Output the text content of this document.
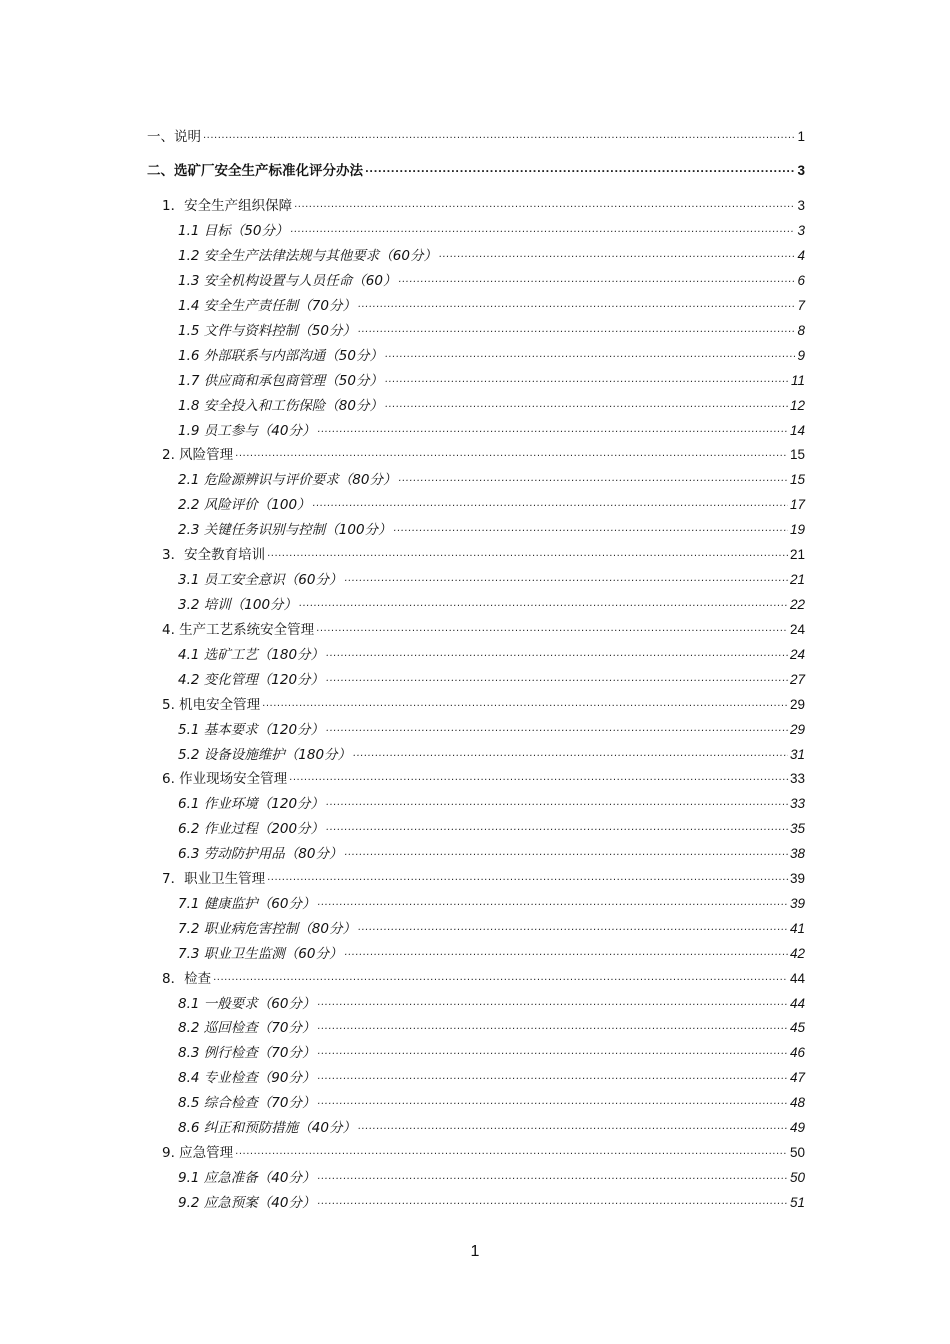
一、说明 .....	1
二、选矿厂安全生产标准化评分办法 .....	3
1．安全生产组织保障 .....	3
1.1 目标（50分） .....	3
1.2 安全生产法律法规与其他要求（60分） .....	4
1.3 安全机构设置与人员任命（60） .....	6
1.4 安全生产责任制（70分） .....	7
1.5 文件与资料控制（50分） .....	8
1.6 外部联系与内部沟通（50分） .....	9
1.7 供应商和承包商管理（50分） .....	11
1.8 安全投入和工伤保险（80分） .....	12
1.9 员工参与（40分） .....	14
2. 风险管理 .....	15
2.1 危险源辨识与评价要求（80分） .....	15
2.2 风险评价（100） .....	17
2.3 关键任务识别与控制（100分） .....	19
3．安全教育培训 .....	21
3.1 员工安全意识（60分） .....	21
3.2 培训（100分） .....	22
4. 生产工艺系统安全管理 .....	24
4.1 选矿工艺（180分） .....	24
4.2 变化管理（120分） .....	27
5. 机电安全管理 .....	29
5.1 基本要求（120分） .....	29
5.2 设备设施维护（180分） .....	31
6. 作业现场安全管理 .....	33
6.1 作业环境（120分） .....	33
6.2 作业过程（200分） .....	35
6.3 劳动防护用品（80分） .....	38
7．职业卫生管理 .....	39
7.1 健康监护（60分） .....	39
7.2 职业病危害控制（80分） .....	41
7.3 职业卫生监测（60分） .....	42
8．检查 .....	44
8.1 一般要求（60分） .....	44
8.2 巡回检查（70分） .....	45
8.3 例行检查（70分） .....	46
8.4 专业检查（90分） .....	47
8.5 综合检查（70分） .....	48
8.6 纠正和预防措施（40分） .....	49
9. 应急管理 .....	50
9.1 应急准备（40分） .....	50
9.2 应急预案（40分） .....	51
1
